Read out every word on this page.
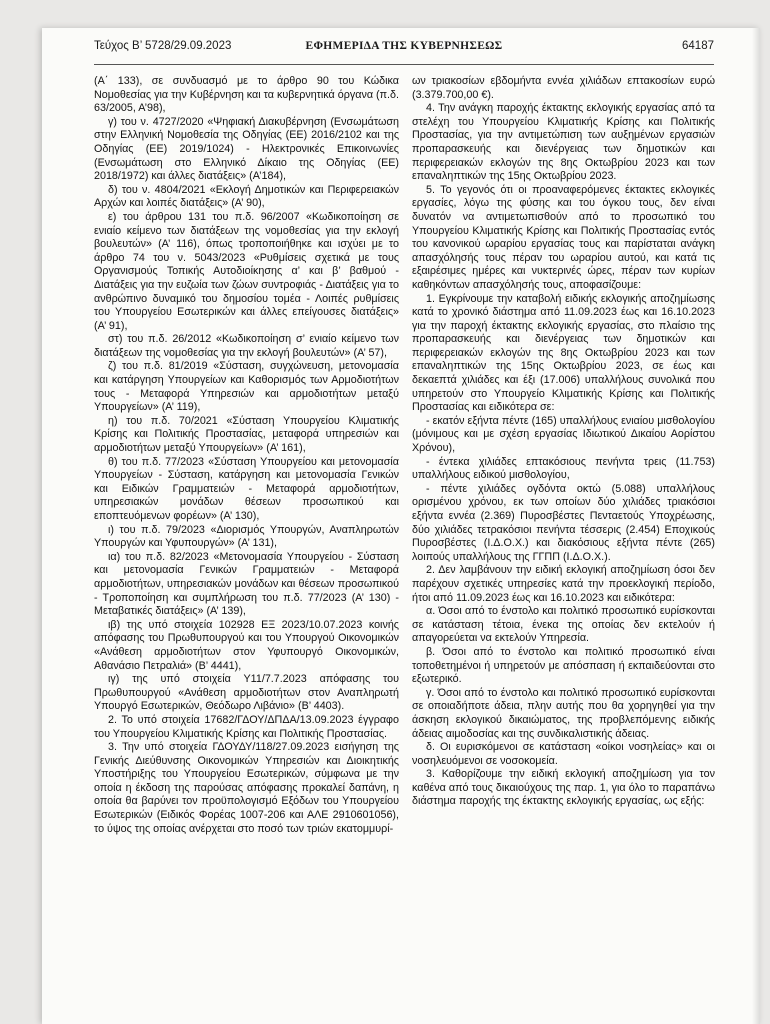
Τεύχος Β’ 5728/29.09.2023	ΕΦΗΜΕΡΙΔΑ ΤΗΣ ΚΥΒΕΡΝΗΣΕΩΣ	64187

(Α΄ 133), σε συνδυασμό με το άρθρο 90 του Κώδικα Νομοθεσίας για την Κυβέρνηση και τα κυβερνητικά όργανα (π.δ. 63/2005, Α’98),

γ) του ν. 4727/2020 «Ψηφιακή Διακυβέρνηση (Ενσωμάτωση στην Ελληνική Νομοθεσία της Οδηγίας (ΕΕ) 2016/2102 και της Οδηγίας (ΕΕ) 2019/1024) - Ηλεκτρονικές Επικοινωνίες (Ενσωμάτωση στο Ελληνικό Δίκαιο της Οδηγίας (ΕΕ) 2018/1972) και άλλες διατάξεις» (Α’184),

δ) του ν. 4804/2021 «Εκλογή Δημοτικών και Περιφερειακών Αρχών και λοιπές διατάξεις» (Α’ 90),

ε) του άρθρου 131 του π.δ. 96/2007 «Κωδικοποίηση σε ενιαίο κείμενο των διατάξεων της νομοθεσίας για την εκλογή βουλευτών» (Α’ 116), όπως τροποποιήθηκε και ισχύει με το άρθρο 74 του ν. 5043/2023 «Ρυθμίσεις σχετικά με τους Οργανισμούς Τοπικής Αυτοδιοίκησης α’ και β’ βαθμού - Διατάξεις για την ευζωία των ζώων συντροφιάς - Διατάξεις για το ανθρώπινο δυναμικό του δημοσίου τομέα - Λοιπές ρυθμίσεις του Υπουργείου Εσωτερικών και άλλες επείγουσες διατάξεις» (Α’ 91),

στ) του π.δ. 26/2012 «Κωδικοποίηση σ’ ενιαίο κείμενο των διατάξεων της νομοθεσίας για την εκλογή βουλευτών» (Α’ 57),

ζ) του π.δ. 81/2019 «Σύσταση, συγχώνευση, μετονομασία και κατάργηση Υπουργείων και Καθορισμός των Αρμοδιοτήτων τους - Μεταφορά Υπηρεσιών και αρμοδιοτήτων μεταξύ Υπουργείων» (Α’ 119),

η) του π.δ. 70/2021 «Σύσταση Υπουργείου Κλιματικής Κρίσης και Πολιτικής Προστασίας, μεταφορά υπηρεσιών και αρμοδιοτήτων μεταξύ Υπουργείων» (Α’ 161),

θ) του π.δ. 77/2023 «Σύσταση Υπουργείου και μετονομασία Υπουργείων - Σύσταση, κατάργηση και μετονομασία Γενικών και Ειδικών Γραμματειών - Μεταφορά αρμοδιοτήτων, υπηρεσιακών μονάδων θέσεων προσωπικού και εποπτευόμενων φορέων» (Α’ 130),

ι) του π.δ. 79/2023 «Διορισμός Υπουργών, Αναπληρωτών Υπουργών και Υφυπουργών» (Α’ 131),

ια) του π.δ. 82/2023 «Μετονομασία Υπουργείου - Σύσταση και μετονομασία Γενικών Γραμματειών - Μεταφορά αρμοδιοτήτων, υπηρεσιακών μονάδων και θέσεων προσωπικού - Τροποποίηση και συμπλήρωση του π.δ. 77/2023 (Α’ 130) - Μεταβατικές διατάξεις» (Α’ 139),

ιβ) της υπό στοιχεία 102928 ΕΞ 2023/10.07.2023 κοινής απόφασης του Πρωθυπουργού και του Υπουργού Οικονομικών «Ανάθεση αρμοδιοτήτων στον Υφυπουργό Οικονομικών, Αθανάσιο Πετραλιά» (Β’ 4441),

ιγ) της υπό στοιχεία Υ11/7.7.2023 απόφασης του Πρωθυπουργού «Ανάθεση αρμοδιοτήτων στον Αναπληρωτή Υπουργό Εσωτερικών, Θεόδωρο Λιβάνιο» (Β’ 4403).

2. Το υπό στοιχεία 17682/ΓΔΟΥ/ΔΠΔΑ/13.09.2023 έγγραφο του Υπουργείου Κλιματικής Κρίσης και Πολιτικής Προστασίας.

3. Την υπό στοιχεία ΓΔΟΥΔΥ/118/27.09.2023 εισήγηση της Γενικής Διεύθυνσης Οικονομικών Υπηρεσιών και Διοικητικής Υποστήριξης του Υπουργείου Εσωτερικών, σύμφωνα με την οποία η έκδοση της παρούσας απόφασης προκαλεί δαπάνη, η οποία θα βαρύνει τον προϋπολογισμό Εξόδων του Υπουργείου Εσωτερικών (Ειδικός Φορέας 1007-206 και ΑΛΕ 2910601056), το ύψος της οποίας ανέρχεται στο ποσό των τριών εκατομμυρί-

ων τριακοσίων εβδομήντα εννέα χιλιάδων επτακοσίων ευρώ (3.379.700,00 €).

4. Την ανάγκη παροχής έκτακτης εκλογικής εργασίας από τα στελέχη του Υπουργείου Κλιματικής Κρίσης και Πολιτικής Προστασίας, για την αντιμετώπιση των αυξημένων εργασιών προπαρασκευής και διενέργειας των δημοτικών και περιφερειακών εκλογών της 8ης Οκτωβρίου 2023 και των επαναληπτικών της 15ης Οκτωβρίου 2023.

5. Το γεγονός ότι οι προαναφερόμενες έκτακτες εκλογικές εργασίες, λόγω της φύσης και του όγκου τους, δεν είναι δυνατόν να αντιμετωπισθούν από το προσωπικό του Υπουργείου Κλιματικής Κρίσης και Πολιτικής Προστασίας εντός του κανονικού ωραρίου εργασίας τους και παρίσταται ανάγκη απασχόλησής τους πέραν του ωραρίου αυτού, και κατά τις εξαιρέσιμες ημέρες και νυκτερινές ώρες, πέραν των κυρίων καθηκόντων απασχόλησής τους, αποφασίζουμε:

1. Εγκρίνουμε την καταβολή ειδικής εκλογικής αποζημίωσης κατά το χρονικό διάστημα από 11.09.2023 έως και 16.10.2023 για την παροχή έκτακτης εκλογικής εργασίας, στο πλαίσιο της προπαρασκευής και διενέργειας των δημοτικών και περιφερειακών εκλογών της 8ης Οκτωβρίου 2023 και των επαναληπτικών της 15ης Οκτωβρίου 2023, σε έως και δεκαεπτά χιλιάδες και έξι (17.006) υπαλλήλους συνολικά που υπηρετούν στο Υπουργείο Κλιματικής Κρίσης και Πολιτικής Προστασίας και ειδικότερα σε:

- εκατόν εξήντα πέντε (165) υπαλλήλους ενιαίου μισθολογίου (μόνιμους και με σχέση εργασίας Ιδιωτικού Δικαίου Αορίστου Χρόνου),

- έντεκα χιλιάδες επτακόσιους πενήντα τρεις (11.753) υπαλλήλους ειδικού μισθολογίου,

- πέντε χιλιάδες ογδόντα οκτώ (5.088) υπαλλήλους ορισμένου χρόνου, εκ των οποίων δύο χιλιάδες τριακόσιοι εξήντα εννέα (2.369) Πυροσβέστες Πενταετούς Υποχρέωσης, δύο χιλιάδες τετρακόσιοι πενήντα τέσσερις (2.454) Εποχικούς Πυροσβέστες (Ι.Δ.Ο.Χ.) και διακόσιους εξήντα πέντε (265) λοιπούς υπαλλήλους της ΓΓΠΠ (Ι.Δ.Ο.Χ.).

2. Δεν λαμβάνουν την ειδική εκλογική αποζημίωση όσοι δεν παρέχουν σχετικές υπηρεσίες κατά την προεκλογική περίοδο, ήτοι από 11.09.2023 έως και 16.10.2023 και ειδικότερα:

α. Όσοι από το ένστολο και πολιτικό προσωπικό ευρίσκονται σε κατάσταση τέτοια, ένεκα της οποίας δεν εκτελούν ή απαγορεύεται να εκτελούν Υπηρεσία.

β. Όσοι από το ένστολο και πολιτικό προσωπικό είναι τοποθετημένοι ή υπηρετούν με απόσπαση ή εκπαιδεύονται στο εξωτερικό.

γ. Όσοι από το ένστολο και πολιτικό προσωπικό ευρίσκονται σε οποιαδήποτε άδεια, πλην αυτής που θα χορηγηθεί για την άσκηση εκλογικού δικαιώματος, της προβλεπόμενης ειδικής άδειας αιμοδοσίας και της συνδικαλιστικής άδειας.

δ. Οι ευρισκόμενοι σε κατάσταση «οίκοι νοσηλείας» και οι νοσηλευόμενοι σε νοσοκομεία.

3. Καθορίζουμε την ειδική εκλογική αποζημίωση για τον καθένα από τους δικαιούχους της παρ. 1, για όλο το παραπάνω διάστημα παροχής της έκτακτης εκλογικής εργασίας, ως εξής:
